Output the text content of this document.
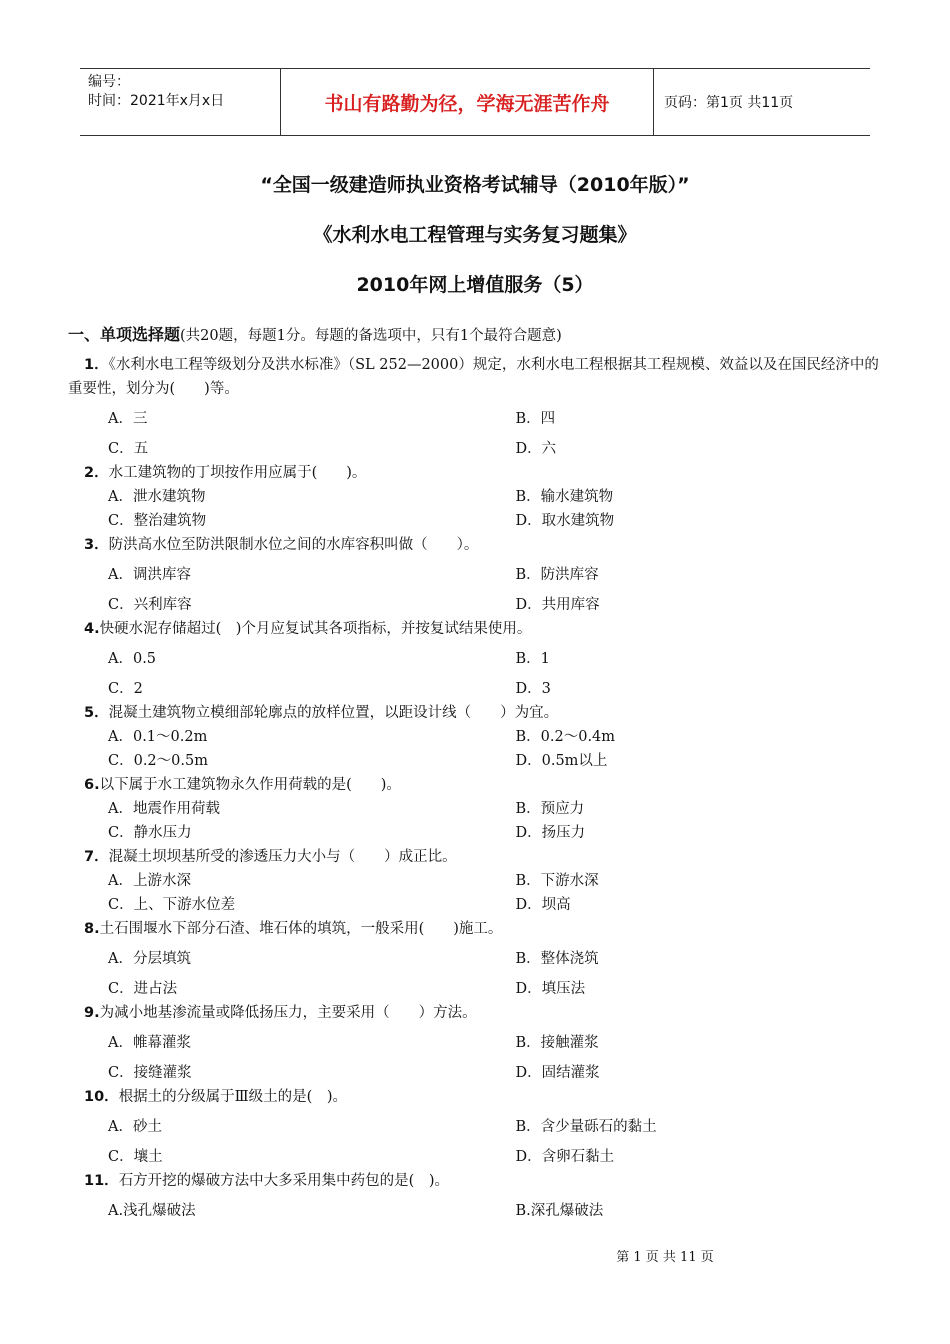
编号：
时间：2021年x月x日	书山有路勤为径，学海无涯苦作舟	页码：第1页 共11页
“全国一级建造师执业资格考试辅导（2010年版）”
《水利水电工程管理与实务复习题集》
2010年网上增值服务（5）
一、单项选择题(共20题，每题1分。每题的备选项中，只有1个最符合题意)
1．《水利水电工程等级划分及洪水标准》（SL 252—2000）规定，水利水电工程根据其工程规模、效益以及在国民经济中的重要性，划分为(　　)等。
A．三	B．四
C．五	D．六
2．水工建筑物的丁坝按作用应属于(　　)。
A．泄水建筑物	B．输水建筑物
C．整治建筑物	D．取水建筑物
3．防洪高水位至防洪限制水位之间的水库容积叫做（　　）。
A．调洪库容	B．防洪库容
C．兴利库容	D．共用库容
4.快硬水泥存储超过(　)个月应复试其各项指标，并按复试结果使用。
A．0.5	B．1
C．2	D．3
5．混凝土建筑物立模细部轮廓点的放样位置，以距设计线（　　）为宜。
A．0.1～0.2m	B．0.2～0.4m
C．0.2～0.5m	D．0.5m以上
6.以下属于水工建筑物永久作用荷载的是(　　)。
A．地震作用荷载	B．预应力
C．静水压力	D．扬压力
7．混凝土坝坝基所受的渗透压力大小与（　　）成正比。
A．上游水深	B．下游水深
C．上、下游水位差	D．坝高
8.土石围堰水下部分石渣、堆石体的填筑，一般采用(　　)施工。
A．分层填筑	B．整体浇筑
C．进占法	D．填压法
9.为减小地基渗流量或降低扬压力，主要采用（　　）方法。
A．帷幕灌浆	B．接触灌浆
C．接缝灌浆	D．固结灌浆
10．根据土的分级属于Ⅲ级土的是(　)。
A．砂土	B．含少量砾石的黏土
C．壤土	D．含卵石黏土
11．石方开挖的爆破方法中大多采用集中药包的是(　)。
A.浅孔爆破法	B.深孔爆破法
第 1 页 共 11 页
